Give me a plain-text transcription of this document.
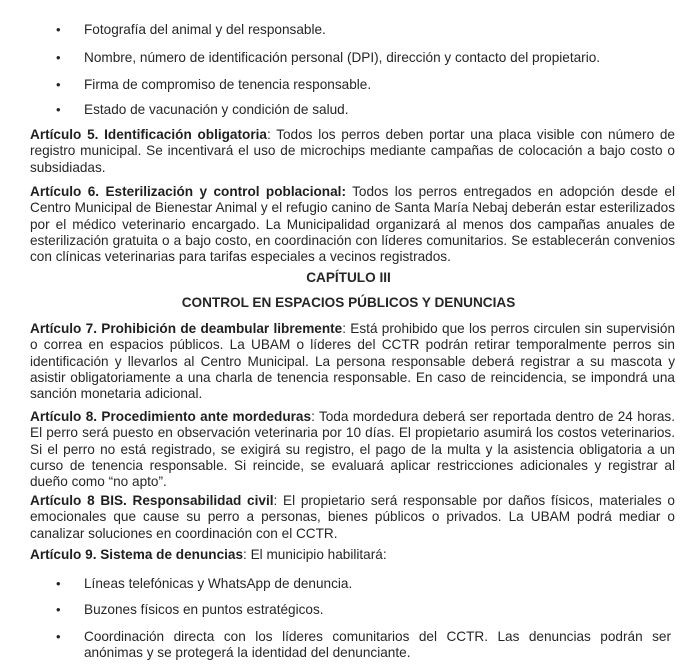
• Fotografía del animal y del responsable.
• Nombre, número de identificación personal (DPI), dirección y contacto del propietario.
• Firma de compromiso de tenencia responsable.
• Estado de vacunación y condición de salud.

Artículo 5. Identificación obligatoria: Todos los perros deben portar una placa visible con número de registro municipal. Se incentivará el uso de microchips mediante campañas de colocación a bajo costo o subsidiadas.

Artículo 6. Esterilización y control poblacional: Todos los perros entregados en adopción desde el Centro Municipal de Bienestar Animal y el refugio canino de Santa María Nebaj deberán estar esterilizados por el médico veterinario encargado. La Municipalidad organizará al menos dos campañas anuales de esterilización gratuita o a bajo costo, en coordinación con líderes comunitarios. Se establecerán convenios con clínicas veterinarias para tarifas especiales a vecinos registrados.

CAPÍTULO III
CONTROL EN ESPACIOS PÚBLICOS Y DENUNCIAS

Artículo 7. Prohibición de deambular libremente: Está prohibido que los perros circulen sin supervisión o correa en espacios públicos. La UBAM o líderes del CCTR podrán retirar temporalmente perros sin identificación y llevarlos al Centro Municipal. La persona responsable deberá registrar a su mascota y asistir obligatoriamente a una charla de tenencia responsable. En caso de reincidencia, se impondrá una sanción monetaria adicional.

Artículo 8. Procedimiento ante mordeduras: Toda mordedura deberá ser reportada dentro de 24 horas. El perro será puesto en observación veterinaria por 10 días. El propietario asumirá los costos veterinarios. Si el perro no está registrado, se exigirá su registro, el pago de la multa y la asistencia obligatoria a un curso de tenencia responsable. Si reincide, se evaluará aplicar restricciones adicionales y registrar al dueño como “no apto”.

Artículo 8 BIS. Responsabilidad civil: El propietario será responsable por daños físicos, materiales o emocionales que cause su perro a personas, bienes públicos o privados. La UBAM podrá mediar o canalizar soluciones en coordinación con el CCTR.

Artículo 9. Sistema de denuncias: El municipio habilitará:

• Líneas telefónicas y WhatsApp de denuncia.
• Buzones físicos en puntos estratégicos.
• Coordinación directa con los líderes comunitarios del CCTR. Las denuncias podrán ser anónimas y se protegerá la identidad del denunciante.
